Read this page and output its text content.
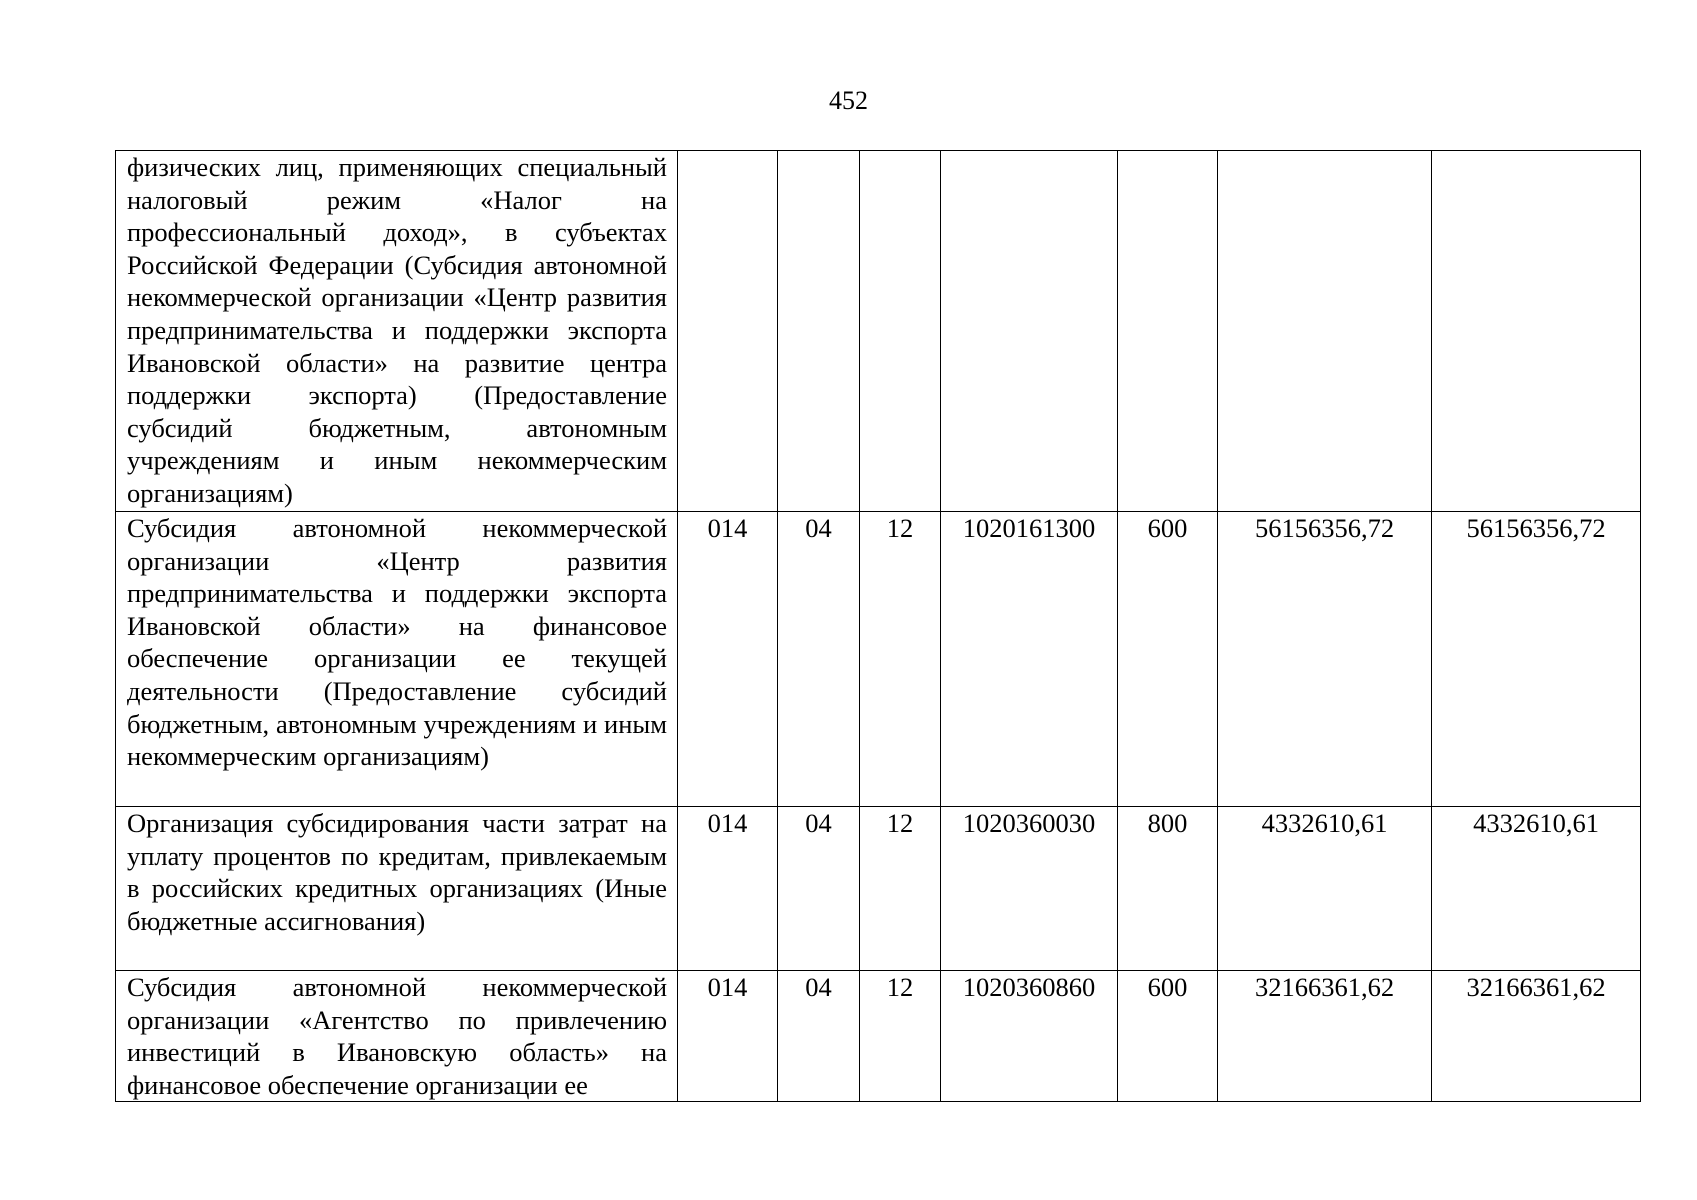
452
физических лиц, применяющих специальный налоговый режим «Налог на профессиональный доход», в субъектах Российской Федерации (Субсидия автономной некоммерческой организации «Центр развития предпринимательства и поддержки экспорта Ивановской области» на развитие центра поддержки экспорта) (Предоставление субсидий бюджетным, автономным учреждениям и иным некоммерческим организациям)							
Субсидия автономной некоммерческой организации «Центр развития предпринимательства и поддержки экспорта Ивановской области» на финансовое обеспечение организации ее текущей деятельности (Предоставление субсидий бюджетным, автономным учреждениям и иным некоммерческим организациям)	014	04	12	1020161300	600	56156356,72	56156356,72
Организация субсидирования части затрат на уплату процентов по кредитам, привлекаемым в российских кредитных организациях (Иные бюджетные ассигнования)	014	04	12	1020360030	800	4332610,61	4332610,61
Субсидия автономной некоммерческой организации «Агентство по привлечению инвестиций в Ивановскую область» на финансовое обеспечение организации ее	014	04	12	1020360860	600	32166361,62	32166361,62
